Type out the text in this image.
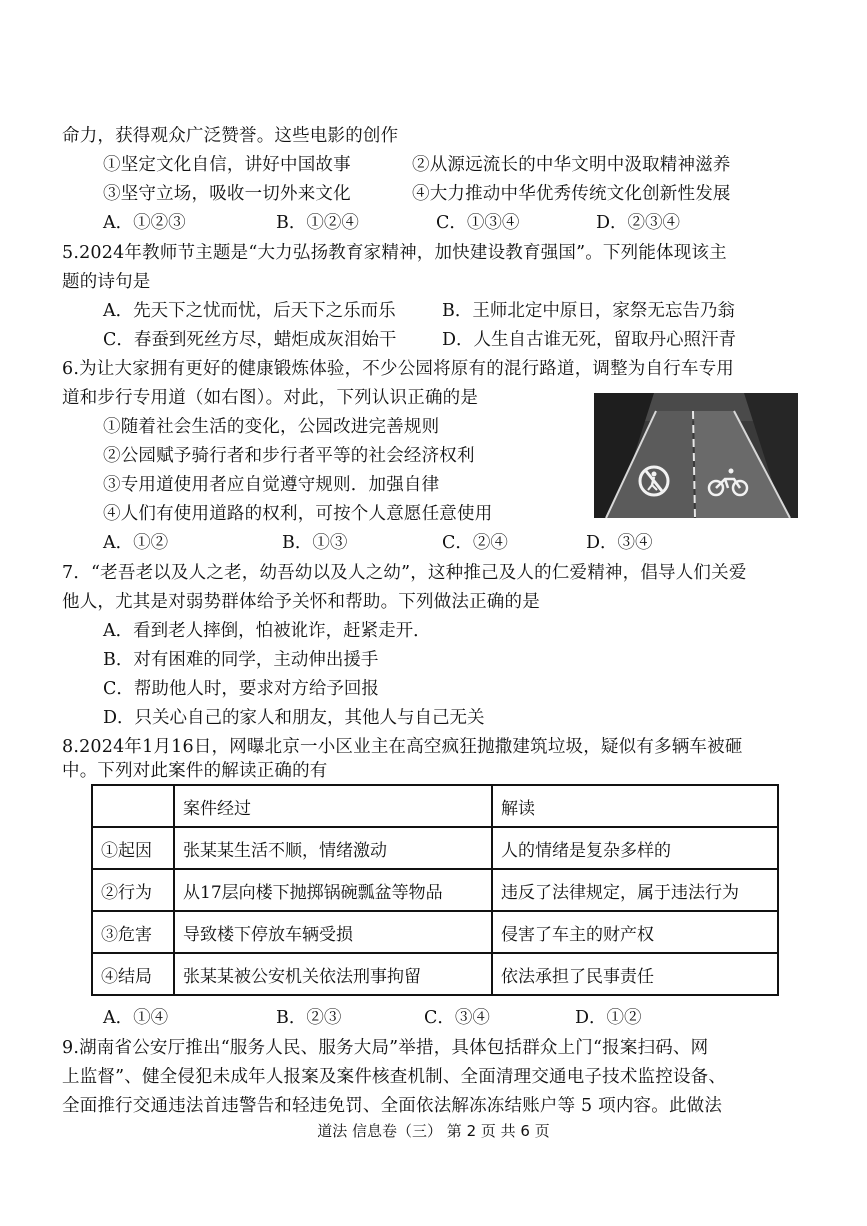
命力，获得观众广泛赞誉。这些电影的创作
①坚定文化自信，讲好中国故事	②从源远流长的中华文明中汲取精神滋养
③坚守立场，吸收一切外来文化	④大力推动中华优秀传统文化创新性发展
A．①②③	B．①②④	C．①③④	D．②③④
5.2024年教师节主题是“大力弘扬教育家精神，加快建设教育强国”。下列能体现该主
题的诗句是
A．先天下之忧而忧，后天下之乐而乐	B．王师北定中原日，家祭无忘告乃翁
C．春蚕到死丝方尽，蜡炬成灰泪始干	D．人生自古谁无死，留取丹心照汗青
6.为让大家拥有更好的健康锻炼体验，不少公园将原有的混行路道，调整为自行车专用
道和步行专用道（如右图）。对此，下列认识正确的是
①随着社会生活的变化，公园改进完善规则
②公园赋予骑行者和步行者平等的社会经济权利
③专用道使用者应自觉遵守规则．加强自律
④人们有使用道路的权利，可按个人意愿任意使用
A．①②	B．①③	C．②④	D．③④
7．“老吾老以及人之老，幼吾幼以及人之幼”，这种推己及人的仁爱精神，倡导人们关爱
他人，尤其是对弱势群体给予关怀和帮助。下列做法正确的是
A．看到老人摔倒，怕被讹诈，赶紧走开．
B．对有困难的同学，主动伸出援手
C．帮助他人时，要求对方给予回报
D．只关心自己的家人和朋友，其他人与自己无关
8.2024年1月16日，网曝北京一小区业主在高空疯狂抛撒建筑垃圾，疑似有多辆车被砸
中。下列对此案件的解读正确的有
	案件经过	解读
①起因	张某某生活不顺，情绪激动	人的情绪是复杂多样的
②行为	从17层向楼下抛掷锅碗瓢盆等物品	违反了法律规定，属于违法行为
③危害	导致楼下停放车辆受损	侵害了车主的财产权
④结局	张某某被公安机关依法刑事拘留	依法承担了民事责任
A．①④	B．②③	C．③④	D．①②
9.湖南省公安厅推出“服务人民、服务大局”举措，具体包括群众上门“报案扫码、网
上监督”、健全侵犯未成年人报案及案件核查机制、全面清理交通电子技术监控设备、
全面推行交通违法首违警告和轻违免罚、全面依法解冻冻结账户等 5 项内容。此做法
道法 信息卷（三） 第 2 页 共 6 页
